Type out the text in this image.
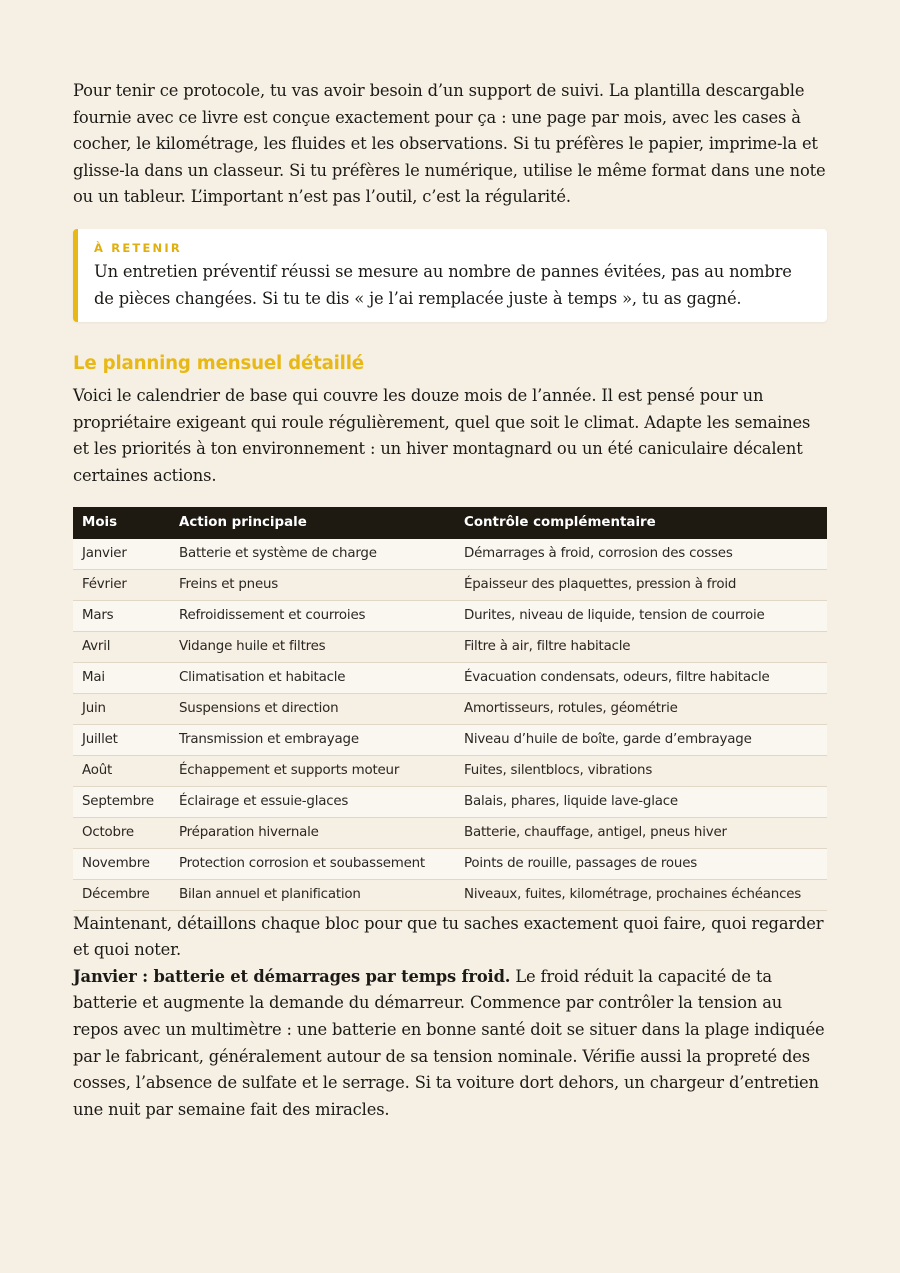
Pour tenir ce protocole, tu vas avoir besoin d’un support de suivi. La plantilla descargable fournie avec ce livre est conçue exactement pour ça : une page par mois, avec les cases à cocher, le kilométrage, les fluides et les observations. Si tu préfères le papier, imprime-la et glisse-la dans un classeur. Si tu préfères le numérique, utilise le même format dans une note ou un tableur. L’important n’est pas l’outil, c’est la régularité.

À RETENIR

Un entretien préventif réussi se mesure au nombre de pannes évitées, pas au nombre de pièces changées. Si tu te dis « je l’ai remplacée juste à temps », tu as gagné.

Le planning mensuel détaillé

Voici le calendrier de base qui couvre les douze mois de l’année. Il est pensé pour un propriétaire exigeant qui roule régulièrement, quel que soit le climat. Adapte les semaines et les priorités à ton environnement : un hiver montagnard ou un été caniculaire décalent certaines actions.

Mois	Action principale	Contrôle complémentaire
Janvier	Batterie et système de charge	Démarrages à froid, corrosion des cosses
Février	Freins et pneus	Épaisseur des plaquettes, pression à froid
Mars	Refroidissement et courroies	Durites, niveau de liquide, tension de courroie
Avril	Vidange huile et filtres	Filtre à air, filtre habitacle
Mai	Climatisation et habitacle	Évacuation condensats, odeurs, filtre habitacle
Juin	Suspensions et direction	Amortisseurs, rotules, géométrie
Juillet	Transmission et embrayage	Niveau d’huile de boîte, garde d’embrayage
Août	Échappement et supports moteur	Fuites, silentblocs, vibrations
Septembre	Éclairage et essuie-glaces	Balais, phares, liquide lave-glace
Octobre	Préparation hivernale	Batterie, chauffage, antigel, pneus hiver
Novembre	Protection corrosion et soubassement	Points de rouille, passages de roues
Décembre	Bilan annuel et planification	Niveaux, fuites, kilométrage, prochaines échéances

Maintenant, détaillons chaque bloc pour que tu saches exactement quoi faire, quoi regarder et quoi noter.

Janvier : batterie et démarrages par temps froid. Le froid réduit la capacité de ta batterie et augmente la demande du démarreur. Commence par contrôler la tension au repos avec un multimètre : une batterie en bonne santé doit se situer dans la plage indiquée par le fabricant, généralement autour de sa tension nominale. Vérifie aussi la propreté des cosses, l’absence de sulfate et le serrage. Si ta voiture dort dehors, un chargeur d’entretien une nuit par semaine fait des miracles.
